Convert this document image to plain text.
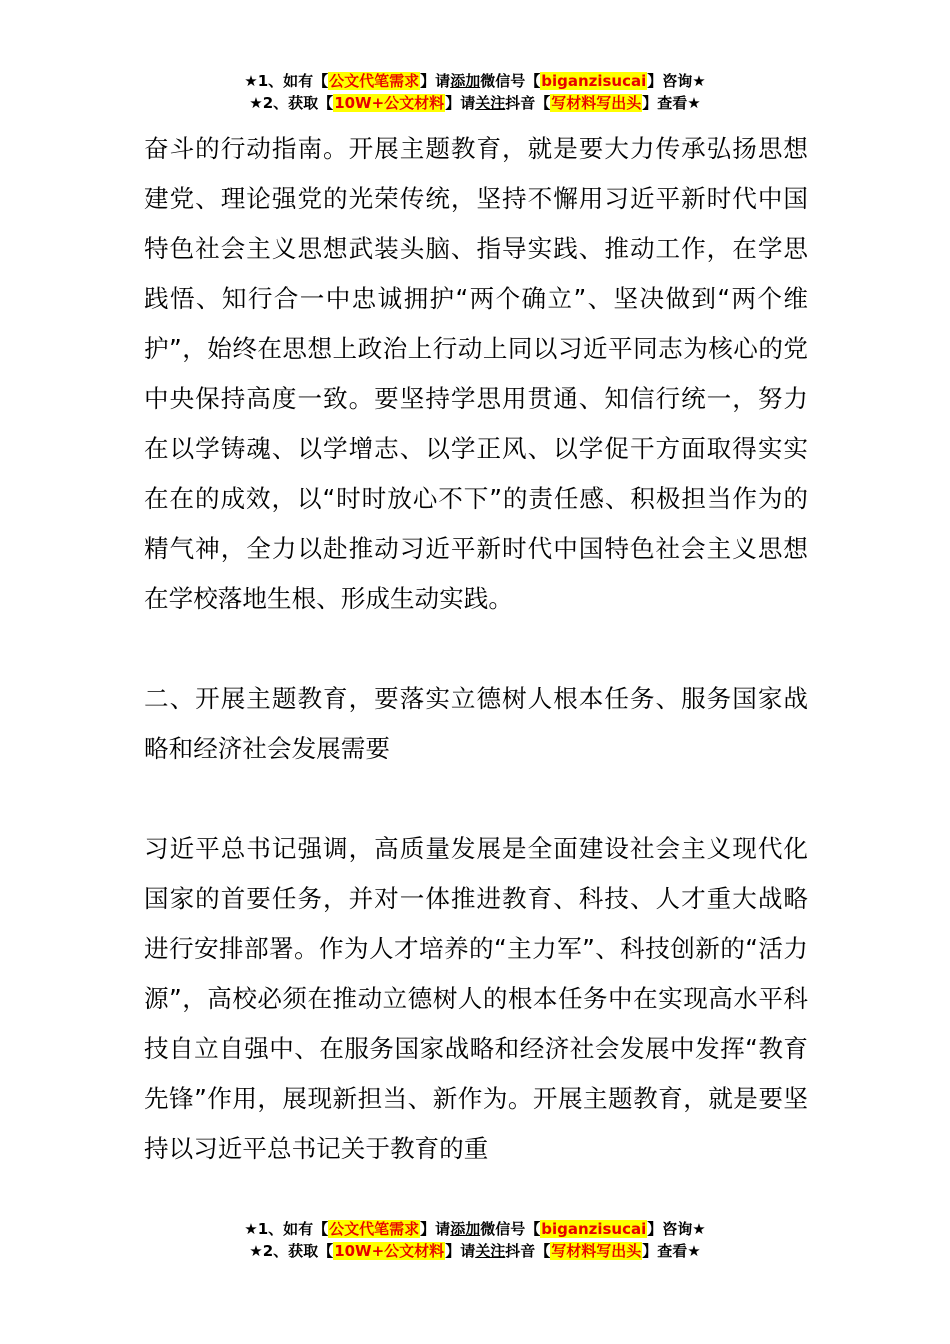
★1、如有【公文代笔需求】请添加微信号【biganzisucai】咨询★
★2、获取【10W+公文材料】请关注抖音【写材料写出头】查看★

奋斗的行动指南。开展主题教育，就是要大力传承弘扬思想建党、理论强党的光荣传统，坚持不懈用习近平新时代中国特色社会主义思想武装头脑、指导实践、推动工作，在学思践悟、知行合一中忠诚拥护“两个确立”、坚决做到“两个维护”，始终在思想上政治上行动上同以习近平同志为核心的党中央保持高度一致。要坚持学思用贯通、知信行统一，努力在以学铸魂、以学增志、以学正风、以学促干方面取得实实在在的成效，以“时时放心不下”的责任感、积极担当作为的精气神，全力以赴推动习近平新时代中国特色社会主义思想在学校落地生根、形成生动实践。

二、开展主题教育，要落实立德树人根本任务、服务国家战略和经济社会发展需要

习近平总书记强调，高质量发展是全面建设社会主义现代化国家的首要任务，并对一体推进教育、科技、人才重大战略进行安排部署。作为人才培养的“主力军”、科技创新的“活力源”，高校必须在推动立德树人的根本任务中在实现高水平科技自立自强中、在服务国家战略和经济社会发展中发挥“教育先锋”作用，展现新担当、新作为。开展主题教育，就是要坚持以习近平总书记关于教育的重

★1、如有【公文代笔需求】请添加微信号【biganzisucai】咨询★
★2、获取【10W+公文材料】请关注抖音【写材料写出头】查看★
